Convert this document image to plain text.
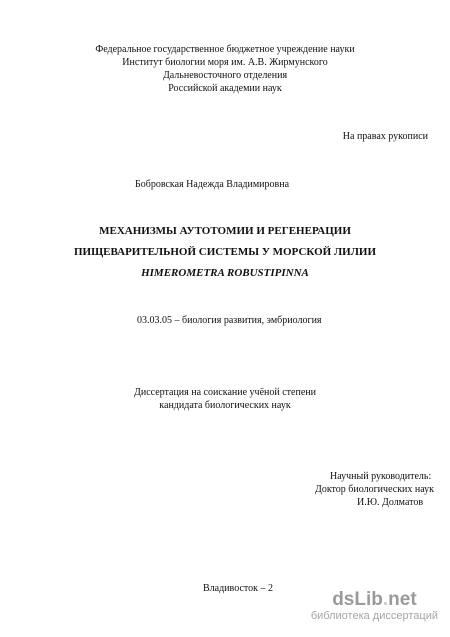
Федеральное государственное бюджетное учреждение науки
Институт биологии моря им. А.В. Жирмунского
Дальневосточного отделения
Российской академии наук
На правах рукописи
Бобровская Надежда Владимировна
МЕХАНИЗМЫ АУТОТОМИИ И РЕГЕНЕРАЦИИ
ПИЩЕВАРИТЕЛЬНОЙ СИСТЕМЫ У МОРСКОЙ ЛИЛИИ
HIMEROMETRA ROBUSTIPINNA
03.03.05 – биология развития, эмбриология
Диссертация на соискание учёной степени
кандидата биологических наук
Научный руководитель:
Доктор биологических наук
И.Ю. Долматов
Владивосток – 2
dsLib.net
библиотека диссертаций
